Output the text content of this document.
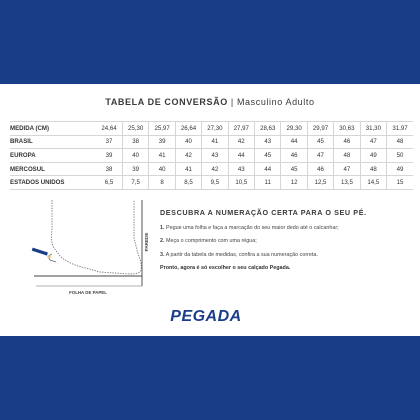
TABELA DE CONVERSÃO | Masculino Adulto
MEDIDA (CM)	24,64	25,30	25,97	26,64	27,30	27,97	28,63	29,30	29,97	30,63	31,30	31,97
BRASIL	37	38	39	40	41	42	43	44	45	46	47	48
EUROPA	39	40	41	42	43	44	45	46	47	48	49	50
MERCOSUL	38	39	40	41	42	43	44	45	46	47	48	49
ESTADOS UNIDOS	6,5	7,5	8	8,5	9,5	10,5	11	12	12,5	13,5	14,5	15
PAREDE
FOLHA DE PAPEL
DESCUBRA A NUMERAÇÃO CERTA PARA O SEU PÉ.
1. Pegue uma folha e faça a marcação do seu maior dedo até o calcanhar;
2. Meça o comprimento com uma régua;
3. A partir da tabela de medidas, confira a sua numeração correta.
Pronto, agora é só escolher o seu calçado Pegada.
PEGADA
